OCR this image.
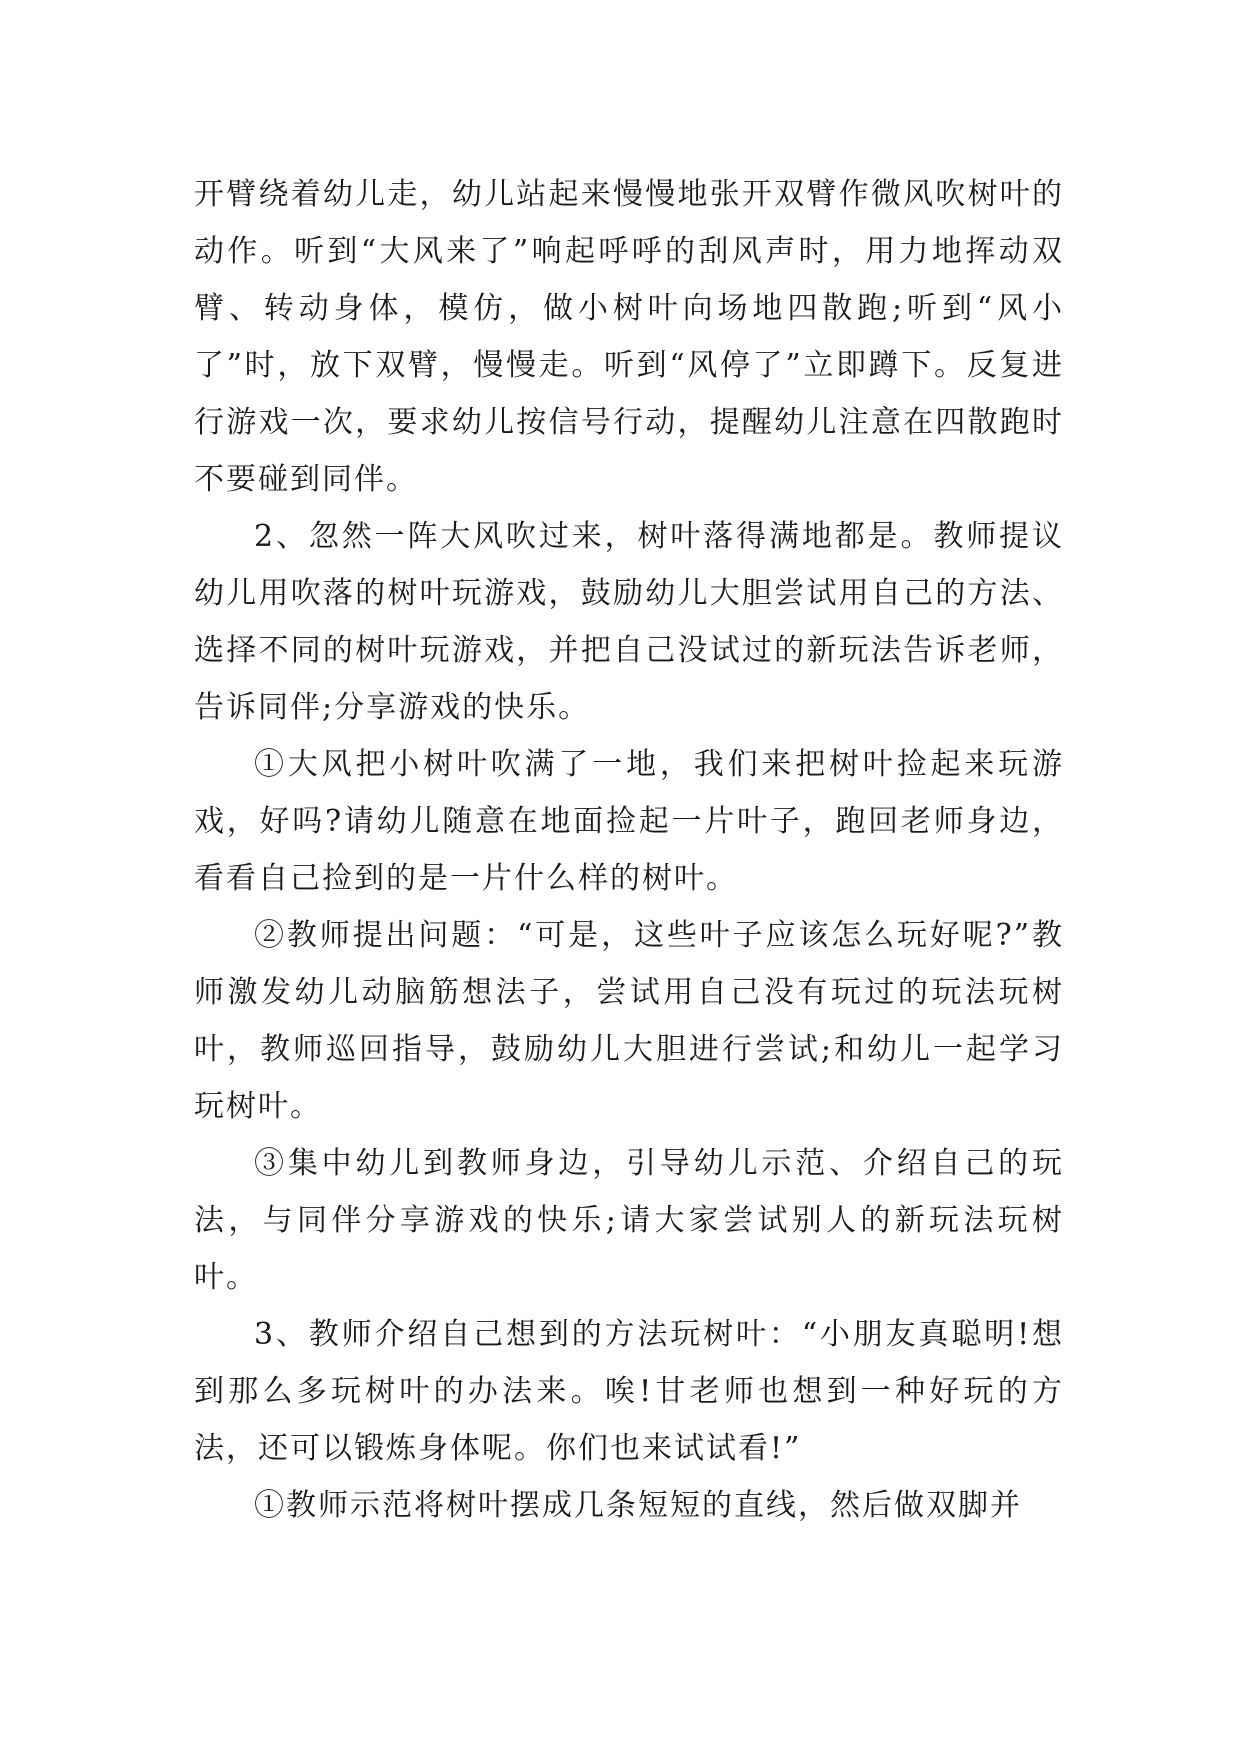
开臂绕着幼儿走，幼儿站起来慢慢地张开双臂作微风吹树叶的动作。听到“大风来了”响起呼呼的刮风声时，用力地挥动双臂、转动身体，模仿，做小树叶向场地四散跑;听到“风小了”时，放下双臂，慢慢走。听到“风停了”立即蹲下。反复进行游戏一次，要求幼儿按信号行动，提醒幼儿注意在四散跑时不要碰到同伴。

2、忽然一阵大风吹过来，树叶落得满地都是。教师提议幼儿用吹落的树叶玩游戏，鼓励幼儿大胆尝试用自己的方法、选择不同的树叶玩游戏，并把自己没试过的新玩法告诉老师，告诉同伴;分享游戏的快乐。

①大风把小树叶吹满了一地，我们来把树叶捡起来玩游戏，好吗?请幼儿随意在地面捡起一片叶子，跑回老师身边，看看自己捡到的是一片什么样的树叶。

②教师提出问题：“可是，这些叶子应该怎么玩好呢?”教师激发幼儿动脑筋想法子，尝试用自己没有玩过的玩法玩树叶，教师巡回指导，鼓励幼儿大胆进行尝试;和幼儿一起学习玩树叶。

③集中幼儿到教师身边，引导幼儿示范、介绍自己的玩法，与同伴分享游戏的快乐;请大家尝试别人的新玩法玩树叶。

3、教师介绍自己想到的方法玩树叶：“小朋友真聪明!想到那么多玩树叶的办法来。唉!甘老师也想到一种好玩的方法，还可以锻炼身体呢。你们也来试试看!”

①教师示范将树叶摆成几条短短的直线，然后做双脚并
